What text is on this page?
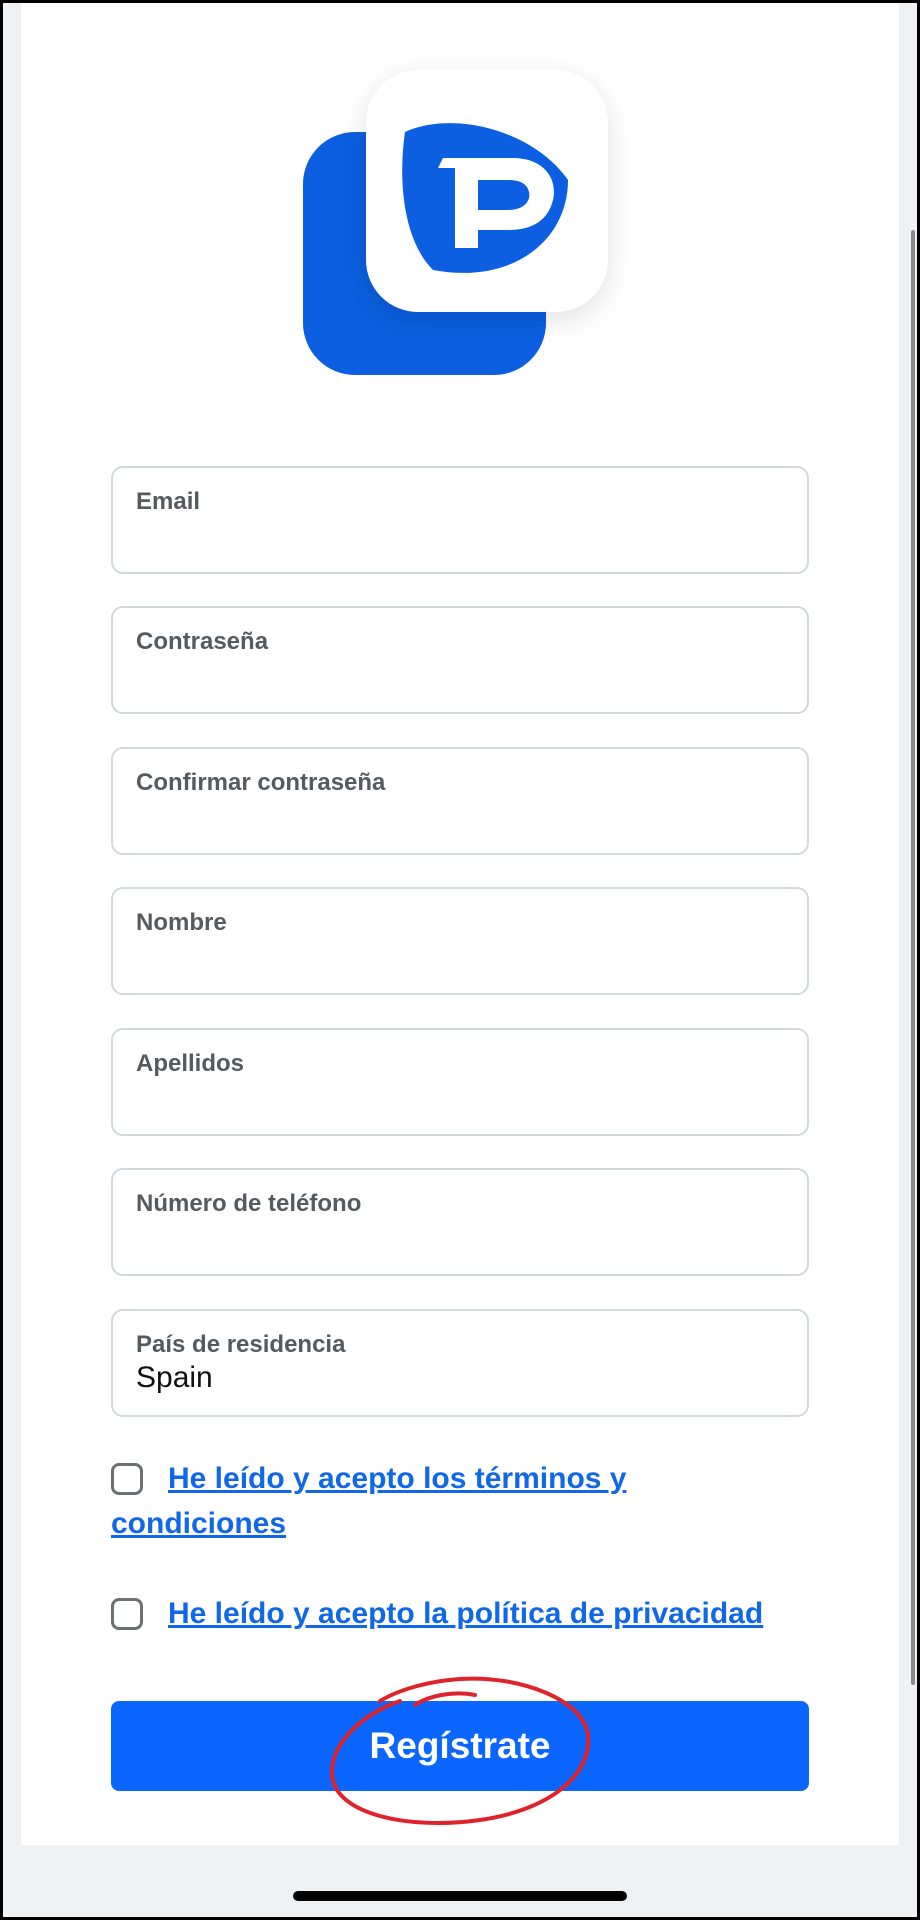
Email
Contraseña
Confirmar contraseña
Nombre
Apellidos
Número de teléfono
País de residencia
Spain
He leído y acepto los términos y
condiciones
He leído y acepto la política de privacidad
Regístrate
